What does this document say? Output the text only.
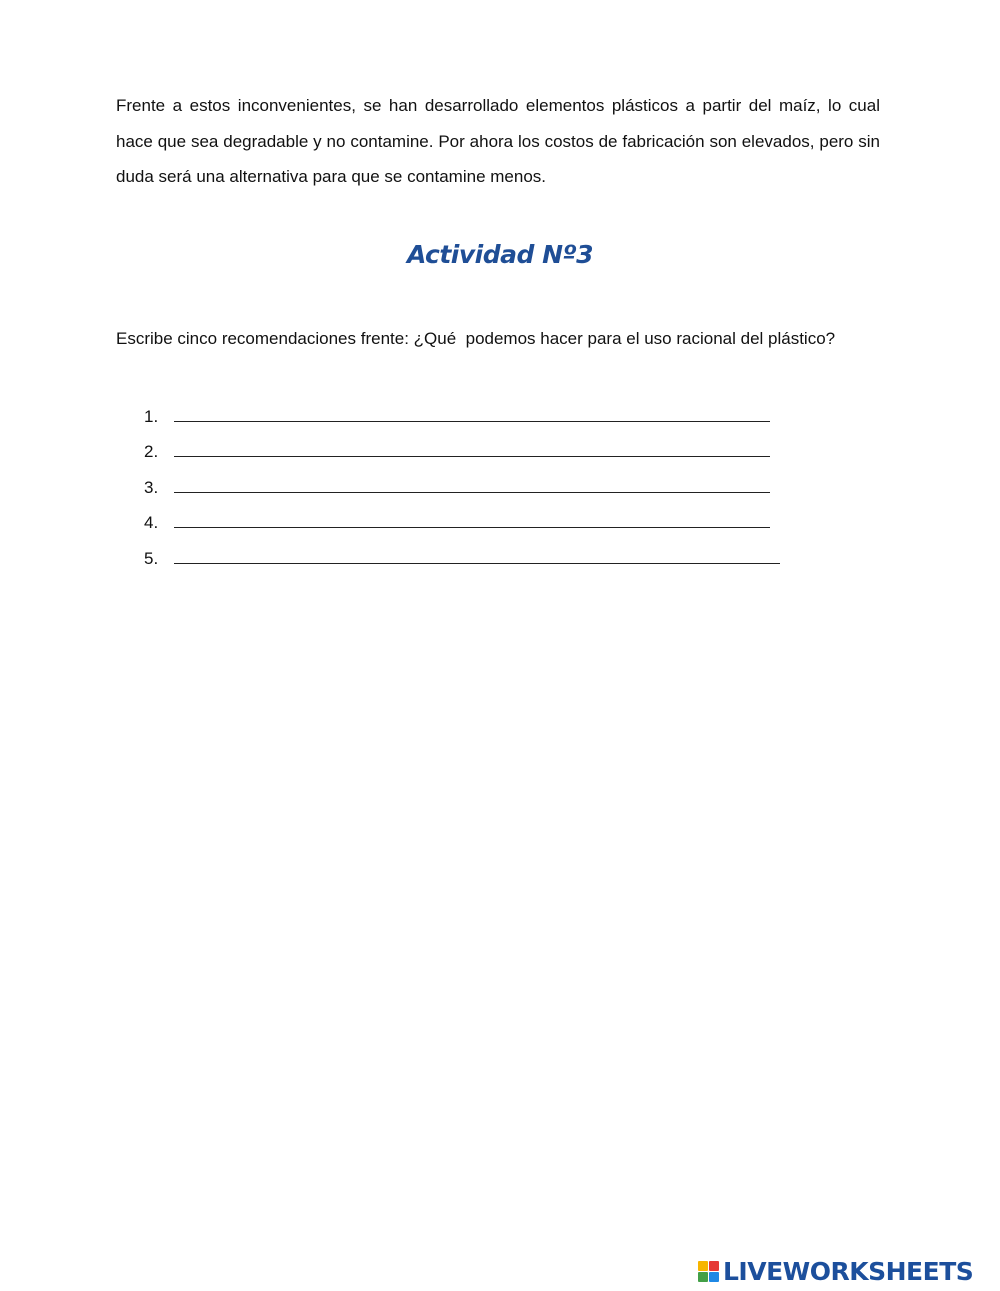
Frente a estos inconvenientes, se han desarrollado elementos plásticos a partir del maíz, lo cual hace que sea degradable y no contamine. Por ahora los costos de fabricación son elevados, pero sin duda será una alternativa para que se contamine menos.

Actividad Nº3
Escribe cinco recomendaciones frente: ¿Qué  podemos hacer para el uso racional del plástico?
1.
2.
3.
4.
5.
LIVEWORKSHEETS
